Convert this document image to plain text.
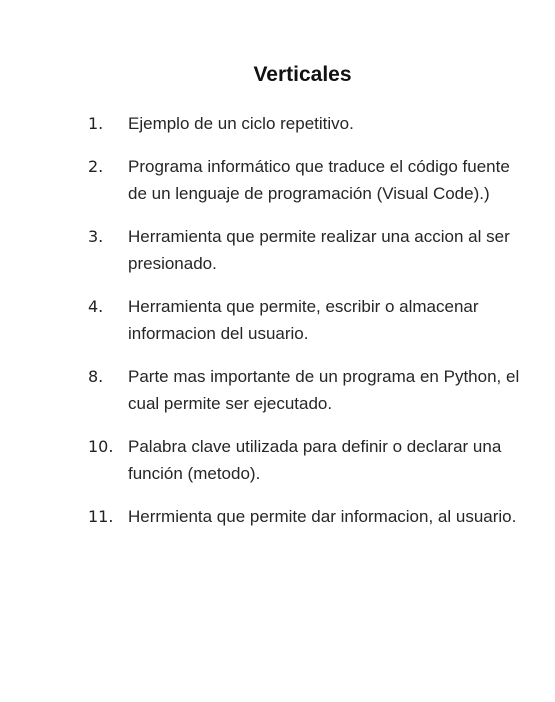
Verticales
1.	Ejemplo de un ciclo repetitivo.
2.	Programa informático que traduce el código fuente de un lenguaje de programación (Visual Code).)
3.	Herramienta que permite realizar una accion al ser presionado.
4.	Herramienta que permite, escribir o almacenar informacion del usuario.
8.	Parte mas importante de un programa en Python, el cual permite ser ejecutado.
10. Palabra clave utilizada para definir o declarar una función (metodo).
11. Herrmienta que permite dar informacion, al usuario.
